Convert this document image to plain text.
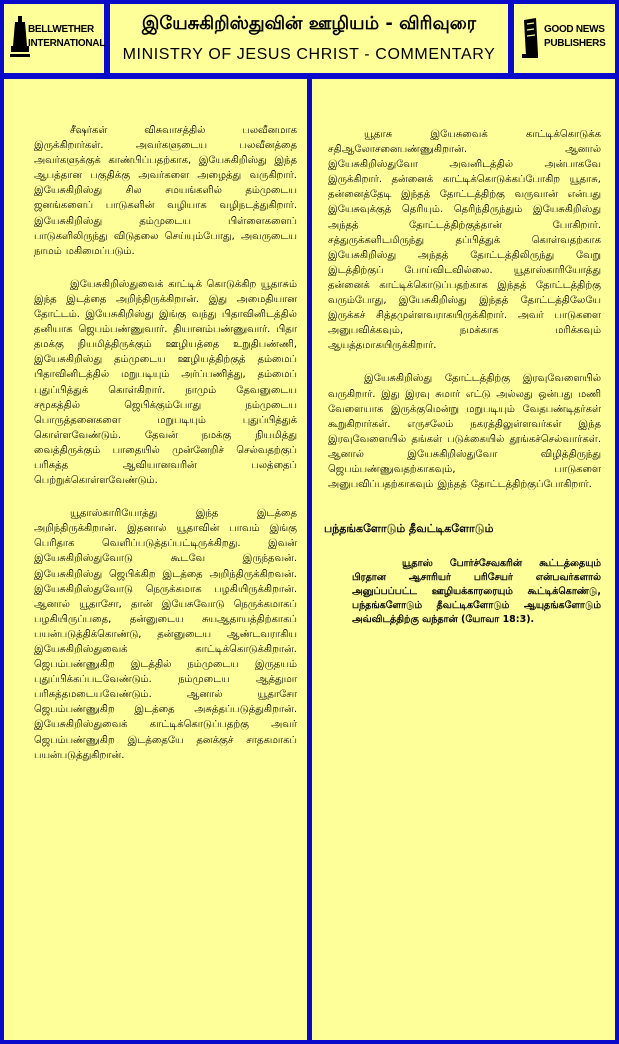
BELLWETHER INTERNATIONAL
இயேசுகிறிஸ்துவின் ஊழியம் - விரிவுரை
MINISTRY OF JESUS CHRIST - COMMENTARY
GOOD NEWS PUBLISHERS

சீஷர்கள் விசுவாசத்தில் பலவீனமாக இருக்கிறார்கள். அவர்களுடைய பலவீனத்தை அவர்களுக்குக் காண்பிப்பதற்காக, இயேசுகிறிஸ்து இந்த ஆபத்தான பகுதிக்கு அவர்களை அழைத்து வருகிறார். இயேசுகிறிஸ்து சில சமயங்களில் தம்முடைய ஜனங்களைப் பாடுகளின் வழியாக வழிநடத்துகிறார். இயேசுகிறிஸ்து தம்முடைய பிள்ளைகளைப் பாடுகளிலிருந்து விடுதலை செய்யும்போது, அவருடைய நாமம் மகிமைப்படும்.

இயேசுகிறிஸ்துவைக் காட்டிக் கொடுக்கிற யூதாசும் இந்த இடத்தை அறிந்திருக்கிறான். இது அமைதியான தோட்டம். இயேசுகிறிஸ்து இங்கு வந்து பிதாவினிடத்தில் தனியாக ஜெபம்பண்ணுவார். தியானம்பண்ணுவார். பிதா தமக்கு நியமித்திருக்கும் ஊழியத்தை உறுதிபண்ணி, இயேசுகிறிஸ்து தம்முடைய ஊழியத்திற்குத் தம்மைப் பிதாவினிடத்தில் மறுபடியும் அர்ப்பணித்து, தம்மைப் புதுப்பித்துக் கொள்கிறார். நாமும் தேவனுடைய சமூகத்தில் ஜெபிக்கும்போது நம்முடைய பொருத்தனைகளை மறுபடியும் புதுப்பித்துக் கொள்ளவேண்டும். தேவன் நமக்கு நியமித்து வைத்திருக்கும் பாதையில் முன்னேறிச் செல்வதற்குப் பரிசுத்த ஆவியானவரின் பலத்தைப் பெற்றுக்கொள்ளவேண்டும்.

யூதாஸ்காரியோத்து இந்த இடத்தை அறிந்திருக்கிறான். இதனால் யூதாவின் பாவம் இங்கு பெரிதாக வெளிப்படுத்தப்பட்டிருக்கிறது. இவன் இயேசுகிறிஸ்துவோடு கூடவே இருந்தவன். இயேசுகிறிஸ்து ஜெபிக்கிற இடத்தை அறிந்திருக்கிறவன். இயேசுகிறிஸ்துவோடு நெருக்கமாக பழகியிருக்கிறான். ஆனால் யூதாசோ, தான் இயேசுவோடு நெருக்கமாகப் பழகியிருப்பதை, தன்னுடைய சுயஆதாயத்திற்காகப் பயன்படுத்திக்கொண்டு, தன்னுடைய ஆண்டவராகிய இயேசுகிறிஸ்துவைக் காட்டிக்கொடுக்கிறான். ஜெபம்பண்ணுகிற இடத்தில் நம்முடைய இருதயம் புதுப்பிக்கப்படவேண்டும். நம்முடைய ஆத்துமா பரிசுத்தமடையவேண்டும். ஆனால் யூதாசோ ஜெபம்பண்ணுகிற இடத்தை அசுத்தப்படுத்துகிறான். இயேசுகிறிஸ்துவைக் காட்டிக்கொடுப்பதற்கு அவர் ஜெபம்பண்ணுகிற இடத்தையே தனக்குச் சாதகமாகப் பயன்படுத்துகிறான்.

யூதாசு இயேசுவைக் காட்டிக்கொடுக்க சதிஆலோசனைபண்ணுகிறான். ஆனால் இயேசுகிறிஸ்துவோ அவனிடத்தில் அன்பாகவே இருக்கிறார். தன்னைக் காட்டிக்கொடுக்கப்போகிற யூதாசு, தன்னைத்தேடி இந்தத் தோட்டத்திற்கு வருவான் என்பது இயேசுவுக்குத் தெரியும். தெரிந்திருந்தும் இயேசுகிறிஸ்து அந்தத் தோட்டத்திற்குத்தான் போகிறார். சத்துருக்களிடமிருந்து தப்பித்துக் கொள்வதற்காக இயேசுகிறிஸ்து அந்தத் தோட்டத்திலிருந்து வேறு இடத்திற்குப் போய்விடவில்லை. யூதாஸ்காரியோத்து தன்னைக் காட்டிக்கொடுப்பதற்காக இந்தத் தோட்டத்திற்கு வரும்போது, இயேசுகிறிஸ்து இந்தத் தோட்டத்திலேயே இருக்கச் சித்தமுள்ளவராகயிருக்கிறார். அவர் பாடுகளை அனுபவிக்கவும், நமக்காக மரிக்கவும் ஆயத்தமாகயிருக்கிறார்.

இயேசுகிறிஸ்து தோட்டத்திற்கு இரவுவேளையில் வருகிறார். இது இரவு சுமார் எட்டு அல்லது ஒன்பது மணி வேளையாக இருக்குமென்று மறுபடியும் வேதபண்டிதர்கள் கூறுகிறார்கள். எருசலேம் நகரத்திலுள்ளவர்கள் இந்த இரவுவேளையில் தங்கள் படுக்கையில் தூங்கச்செல்வார்கள். ஆனால் இயேசுகிறிஸ்துவோ விழித்திருந்து ஜெபம்பண்ணுவதற்காகவும், பாடுகளை அனுபவிப்பதற்காகவும் இந்தத் தோட்டத்திற்குப்போகிறார்.

பந்தங்களோடும் தீவட்டிகளோடும்

யூதாஸ் போர்ச்சேவகரின் கூட்டத்தையும் பிரதான ஆசாரியர் பரிசேயர் என்பவர்களால் அனுப்பப்பட்ட ஊழியக்காரரையும் கூட்டிக்கொண்டு, பந்தங்களோடும் தீவட்டிகளோடும் ஆயுதங்களோடும் அவ்விடத்திற்கு வந்தான் (யோவா 18:3).
